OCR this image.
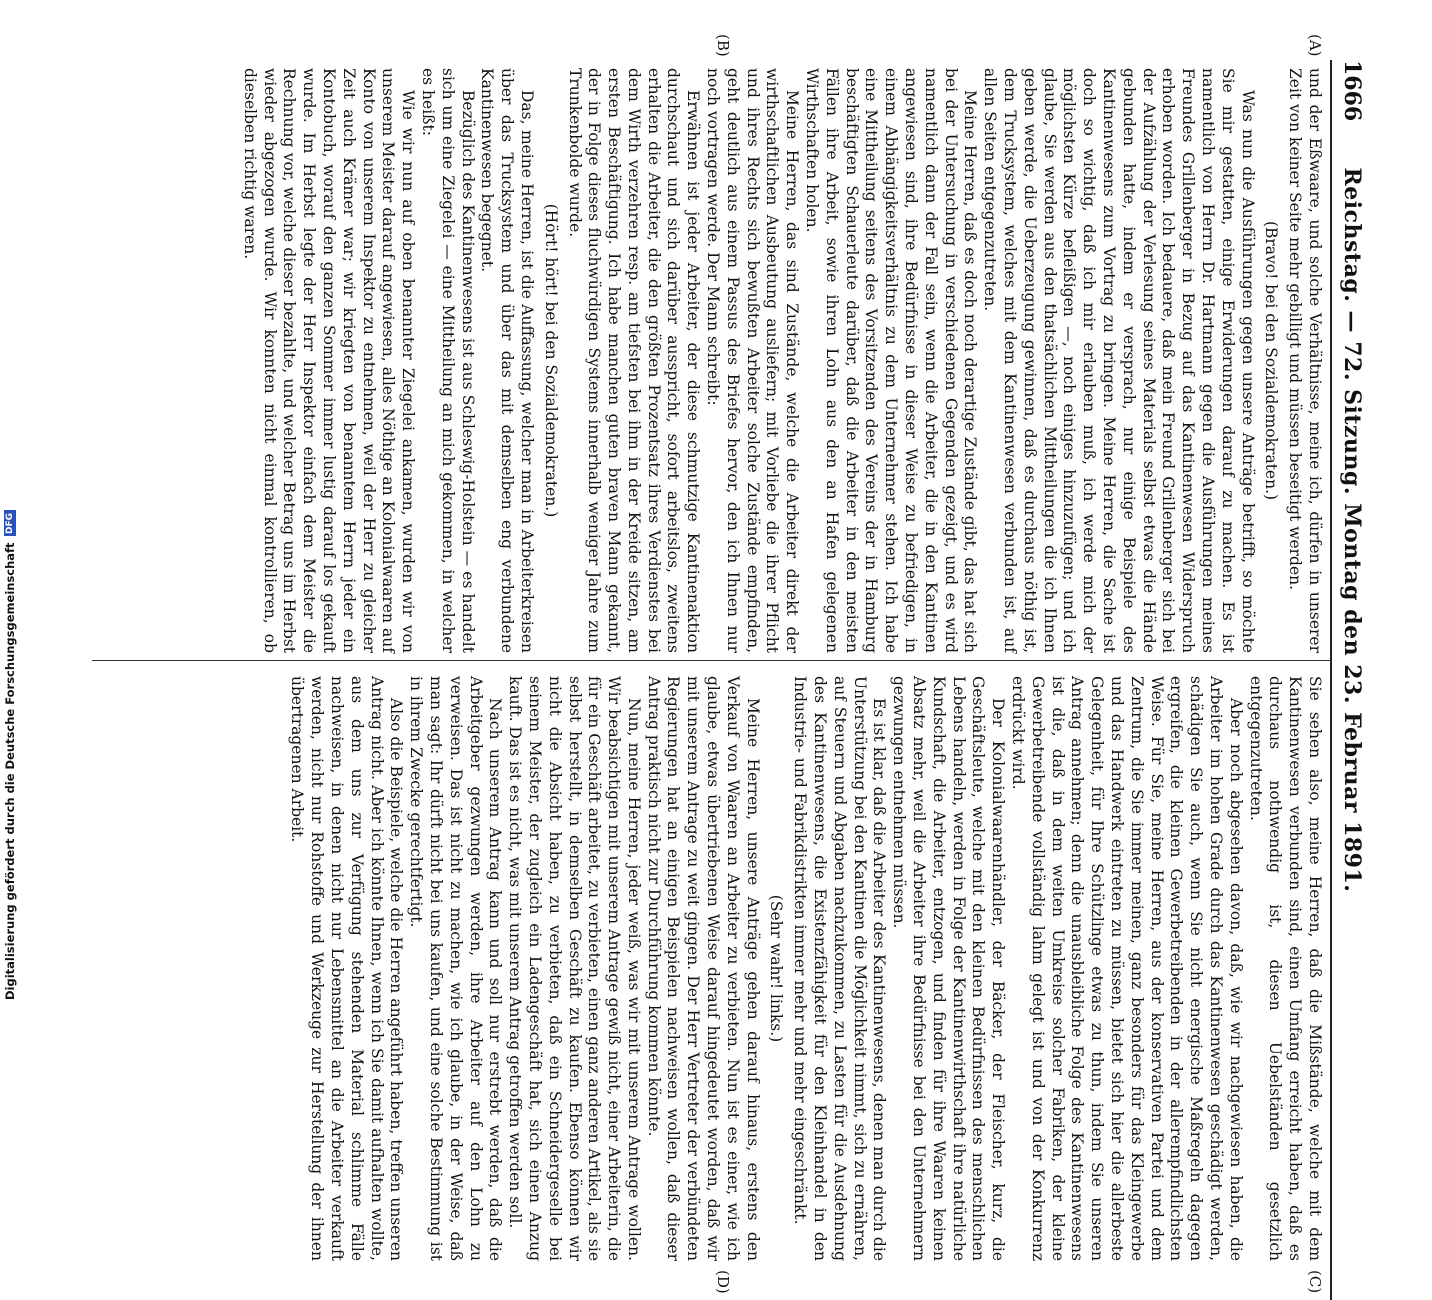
1666
Reichstag. — 72. Sitzung. Montag den 23. Februar 1891.
(A)
(B)
(C)
(D)

und der Eßwaare, und solche Verhältnisse, meine ich, dürfen in unserer Zeit von keiner Seite mehr gebilligt und müssen beseitigt werden.

(Bravo! bei den Sozialdemokraten.)

Was nun die Ausführungen gegen unsere Anträge betrifft, so möchte Sie mir gestatten, einige Erwiderungen darauf zu machen. Es ist namentlich von Herrn Dr. Hartmann gegen die Ausführungen meines Freundes Grillenberger in Bezug auf das Kantinenwesen Widerspruch erhoben worden. Ich bedauere, daß mein Freund Grillenberger sich bei der Aufzählung der Verlesung seines Materials selbst etwas die Hände gebunden hatte, indem er versprach, nur einige Beispiele des Kantinenwesens zum Vortrag zu bringen. Meine Herren, die Sache ist doch so wichtig, daß ich mir erlauben muß, ich werde mich der möglichsten Kürze befleißigen —, noch einiges hinzuzufügen; und ich glaube, Sie werden aus den thatsächlichen Mittheilungen die ich Ihnen geben werde, die Ueberzeugung gewinnen, daß es durchaus nöthig ist, dem Trucksystem, welches mit dem Kantinenwesen verbunden ist, auf allen Seiten entgegenzutreten.

Meine Herren, daß es doch noch derartige Zustände gibt, das hat sich bei der Untersuchung in verschiedenen Gegenden gezeigt, und es wird namentlich dann der Fall sein, wenn die Arbeiter, die in den Kantinen angewiesen sind, ihre Bedürfnisse in dieser Weise zu befriedigen, in einem Abhängigkeitsverhältnis zu dem Unternehmer stehen. Ich habe eine Mittheilung seitens des Vorsitzenden des Vereins der in Hamburg beschäftigten Schauerleute darüber, daß die Arbeiter in den meisten Fällen ihre Arbeit, sowie ihren Lohn aus den an Hafen gelegenen Wirthschaften holen.

Meine Herren, das sind Zustände, welche die Arbeiter direkt der wirthschaftlichen Ausbeutung ausliefern; mit Vorliebe die ihrer Pflicht und ihres Rechts sich bewußten Arbeiter solche Zustände empfinden, geht deutlich aus einem Passus des Briefes hervor, den ich Ihnen nur noch vortragen werde. Der Mann schreibt:

Erwähnen ist jeder Arbeiter, der diese schmutzige Kantinenaktion durchschaut und sich darüber ausspricht, sofort arbeitslos, zweitens erhalten die Arbeiter, die den größten Prozentsatz ihres Verdienstes bei dem Wirth verzehren resp. am tiefsten bei ihm in der Kreide sitzen, am ersten Beschäftigung. Ich habe manchen guten braven Mann gekannt, der in Folge dieses fluchwürdigen Systems innerhalb weniger Jahre zum Trunkenbolde wurde.

(Hört! hört! bei den Sozialdemokraten.)

Das, meine Herren, ist die Auffassung, welcher man in Arbeiterkreisen über das Trucksystem und über das mit demselben eng verbundene Kantinenwesen begegnet.

Bezüglich des Kantinenwesens ist aus Schleswig-Holstein — es handelt sich um eine Ziegelei — eine Mittheilung an mich gekommen, in welcher es heißt:

Wie wir nun auf oben benannter Ziegelei ankamen, wurden wir von unserem Meister darauf angewiesen, alles Nöthige an Kolonialwaaren auf Konto von unserem Inspektor zu entnehmen, weil der Herr zu gleicher Zeit auch Krämer war; wir kriegten von benanntem Herrn jeder ein Kontobuch, worauf den ganzen Sommer immer lustig darauf los gekauft wurde. Im Herbst legte der Herr Inspektor einfach dem Meister die Rechnung vor, welche dieser bezahlte, und welcher Betrag uns im Herbst wieder abgezogen wurde. Wir konnten nicht einmal kontrollieren, ob dieselben richtig waren.

Sie sehen also, meine Herren, daß die Mißstände, welche mit dem Kantinenwesen verbunden sind, einen Umfang erreicht haben, daß es durchaus nothwendig ist, diesen Uebelständen gesetzlich entgegenzutreten.

Aber noch abgesehen davon, daß, wie wir nachgewiesen haben, die Arbeiter im hohen Grade durch das Kantinenwesen geschädigt werden, schädigen Sie auch, wenn Sie nicht energische Maßregeln dagegen ergreifen, die kleinen Gewerbetreibenden in der allerempfindlichsten Weise. Für Sie, meine Herren, aus der konservativen Partei und dem Zentrum, die Sie immer meinen, ganz besonders für das Kleingewerbe und das Handwerk eintreten zu müssen, bietet sich hier die allerbeste Gelegenheit, für Ihre Schützlinge etwas zu thun, indem Sie unseren Antrag annehmen; denn die unausbleibliche Folge des Kantinenwesens ist die, daß in dem weiten Umkreise solcher Fabriken, der kleine Gewerbetreibende vollständig lahm gelegt ist und von der Konkurrenz erdrückt wird.

Der Kolonialwaarenhändler, der Bäcker, der Fleischer, kurz, die Geschäftsleute, welche mit den kleinen Bedürfnissen des menschlichen Lebens handeln, werden in Folge der Kantinenwirthschaft ihre natürliche Kundschaft, die Arbeiter, entzogen, und finden für ihre Waaren keinen Absatz mehr, weil die Arbeiter ihre Bedürfnisse bei den Unternehmern gezwungen entnehmen müssen.

Es ist klar, daß die Arbeiter des Kantinenwesens, denen man durch die Unterstützung bei den Kantinen die Möglichkeit nimmt, sich zu ernähren, auf Steuern und Abgaben nachzukommen, zu Lasten für die Ausdehnung des Kantinenwesens, die Existenzfähigkeit für den Kleinhandel in den Industrie- und Fabrikdistrikten immer mehr und mehr eingeschränkt.

(Sehr wahr! links.)

Meine Herren, unsere Anträge gehen darauf hinaus, erstens den Verkauf von Waaren an Arbeiter zu verbieten. Nun ist es einer, wie ich glaube, etwas übertriebenen Weise darauf hingedeutet worden, daß wir mit unserem Antrage zu weit gingen. Der Herr Vertreter der verbündeten Regierungen hat an einigen Beispielen nachweisen wollen, daß dieser Antrag praktisch nicht zur Durchführung kommen könnte.

Nun, meine Herren, jeder weiß, was wir mit unserem Antrage wollen. Wir beabsichtigen mit unserem Antrage gewiß nicht, einer Arbeiterin, die für ein Geschäft arbeitet, zu verbieten, einen ganz anderen Artikel, als sie selbst herstellt, in demselben Geschäft zu kaufen. Ebenso können wir nicht die Absicht haben, zu verbieten, daß ein Schneidergeselle bei seinem Meister, der zugleich ein Ladengeschäft hat, sich einen Anzug kauft. Das ist es nicht, was mit unserem Antrag getroffen werden soll.

Nach unserem Antrag kann und soll nur erstrebt werden, daß die Arbeitgeber gezwungen werden, ihre Arbeiter auf den Lohn zu verweisen. Das ist nicht zu machen, wie ich glaube, in der Weise, daß man sagt: Ihr dürft nicht bei uns kaufen, und eine solche Bestimmung ist in ihrem Zwecke gerechtfertigt.

Also die Beispiele, welche die Herren angeführt haben, treffen unseren Antrag nicht. Aber ich könnte Ihnen, wenn ich Sie damit aufhalten wollte, aus dem uns zur Verfügung stehenden Material schlimme Fälle nachweisen, in denen nicht nur Lebensmittel an die Arbeiter verkauft werden, nicht nur Rohstoffe und Werkzeuge zur Herstellung der ihnen übertragenen Arbeit.

Digitalisierung gefördert durch die Deutsche Forschungsgemeinschaft
DFG
